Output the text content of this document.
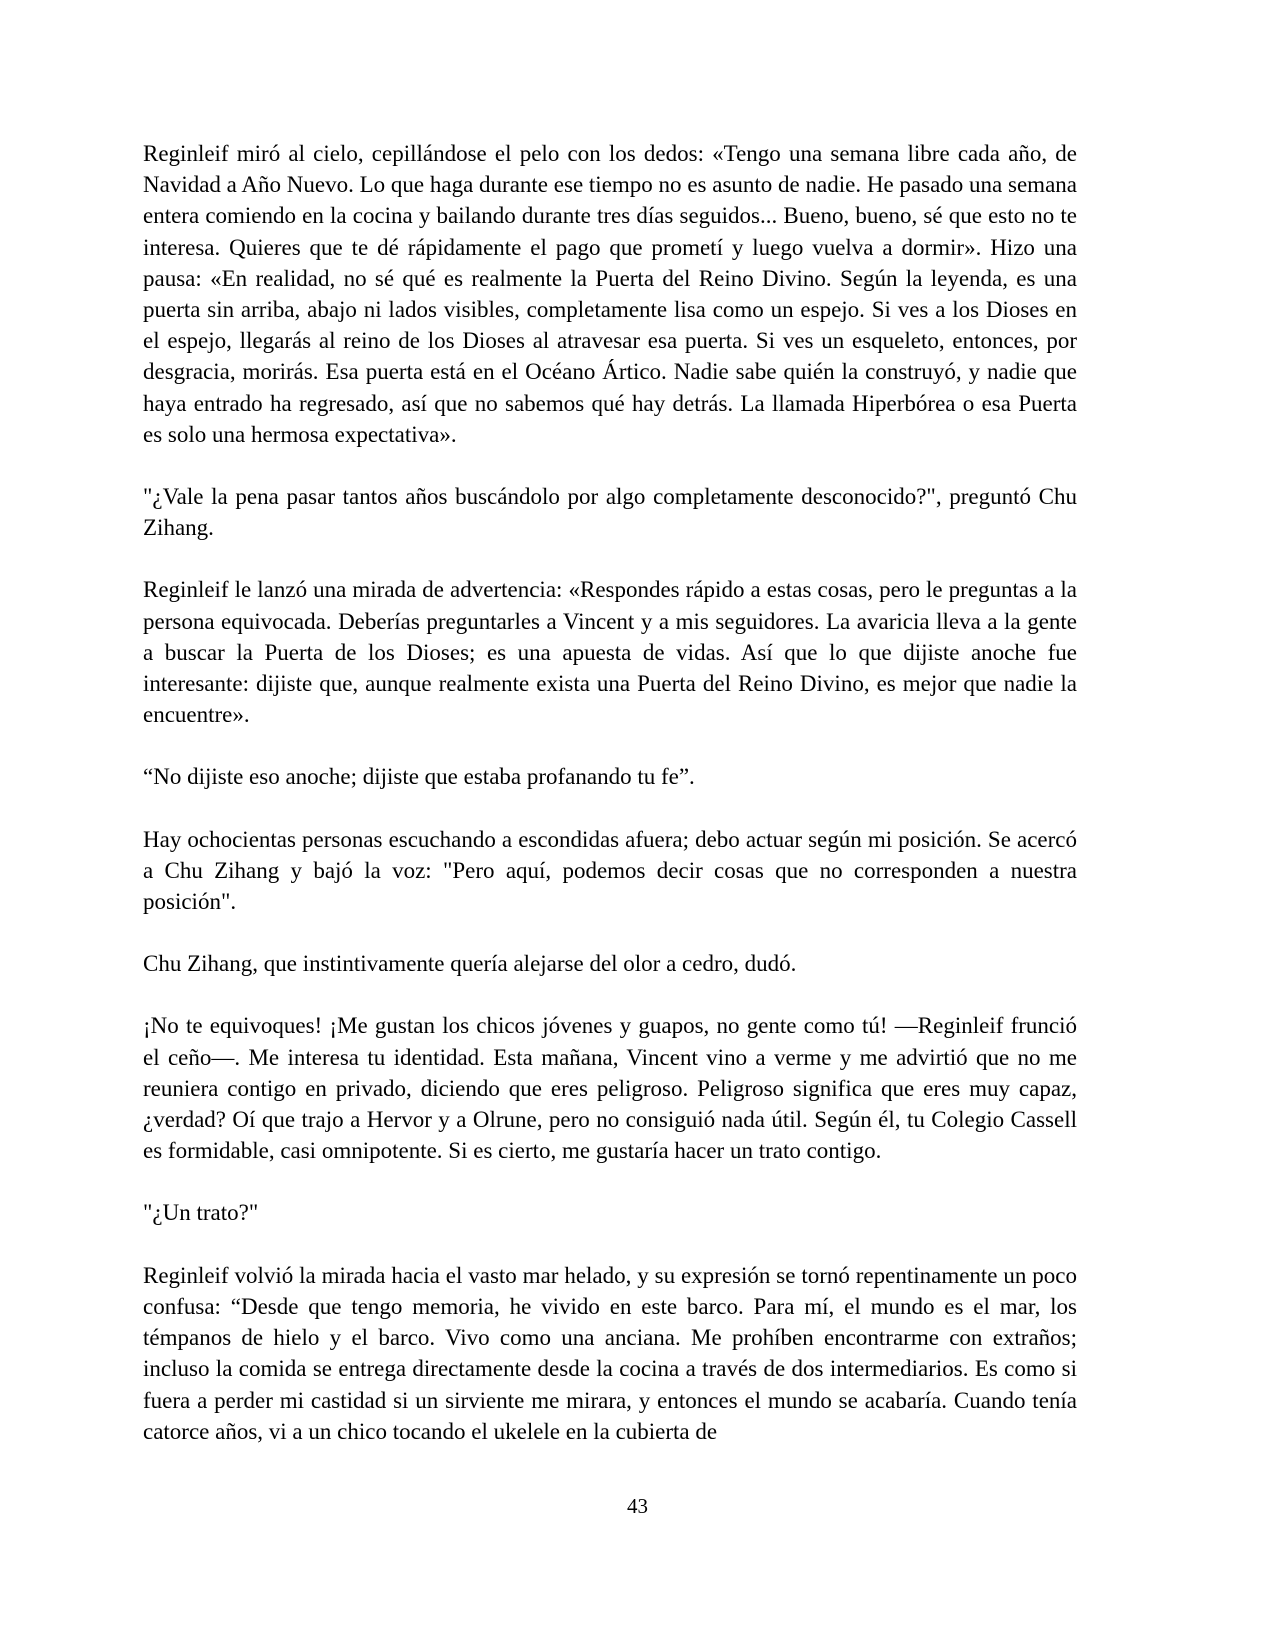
Reginleif miró al cielo, cepillándose el pelo con los dedos: «Tengo una semana libre cada año, de Navidad a Año Nuevo. Lo que haga durante ese tiempo no es asunto de nadie. He pasado una semana entera comiendo en la cocina y bailando durante tres días seguidos... Bueno, bueno, sé que esto no te interesa. Quieres que te dé rápidamente el pago que prometí y luego vuelva a dormir». Hizo una pausa: «En realidad, no sé qué es realmente la Puerta del Reino Divino. Según la leyenda, es una puerta sin arriba, abajo ni lados visibles, completamente lisa como un espejo. Si ves a los Dioses en el espejo, llegarás al reino de los Dioses al atravesar esa puerta. Si ves un esqueleto, entonces, por desgracia, morirás. Esa puerta está en el Océano Ártico. Nadie sabe quién la construyó, y nadie que haya entrado ha regresado, así que no sabemos qué hay detrás. La llamada Hiperbórea o esa Puerta es solo una hermosa expectativa».

"¿Vale la pena pasar tantos años buscándolo por algo completamente desconocido?", preguntó Chu Zihang.

Reginleif le lanzó una mirada de advertencia: «Respondes rápido a estas cosas, pero le preguntas a la persona equivocada. Deberías preguntarles a Vincent y a mis seguidores. La avaricia lleva a la gente a buscar la Puerta de los Dioses; es una apuesta de vidas. Así que lo que dijiste anoche fue interesante: dijiste que, aunque realmente exista una Puerta del Reino Divino, es mejor que nadie la encuentre».

“No dijiste eso anoche; dijiste que estaba profanando tu fe”.

Hay ochocientas personas escuchando a escondidas afuera; debo actuar según mi posición. Se acercó a Chu Zihang y bajó la voz: "Pero aquí, podemos decir cosas que no corresponden a nuestra posición".

Chu Zihang, que instintivamente quería alejarse del olor a cedro, dudó.

¡No te equivoques! ¡Me gustan los chicos jóvenes y guapos, no gente como tú! —Reginleif frunció el ceño—. Me interesa tu identidad. Esta mañana, Vincent vino a verme y me advirtió que no me reuniera contigo en privado, diciendo que eres peligroso. Peligroso significa que eres muy capaz, ¿verdad? Oí que trajo a Hervor y a Olrune, pero no consiguió nada útil. Según él, tu Colegio Cassell es formidable, casi omnipotente. Si es cierto, me gustaría hacer un trato contigo.

"¿Un trato?"

Reginleif volvió la mirada hacia el vasto mar helado, y su expresión se tornó repentinamente un poco confusa: “Desde que tengo memoria, he vivido en este barco. Para mí, el mundo es el mar, los témpanos de hielo y el barco. Vivo como una anciana. Me prohíben encontrarme con extraños; incluso la comida se entrega directamente desde la cocina a través de dos intermediarios. Es como si fuera a perder mi castidad si un sirviente me mirara, y entonces el mundo se acabaría. Cuando tenía catorce años, vi a un chico tocando el ukelele en la cubierta de

43
